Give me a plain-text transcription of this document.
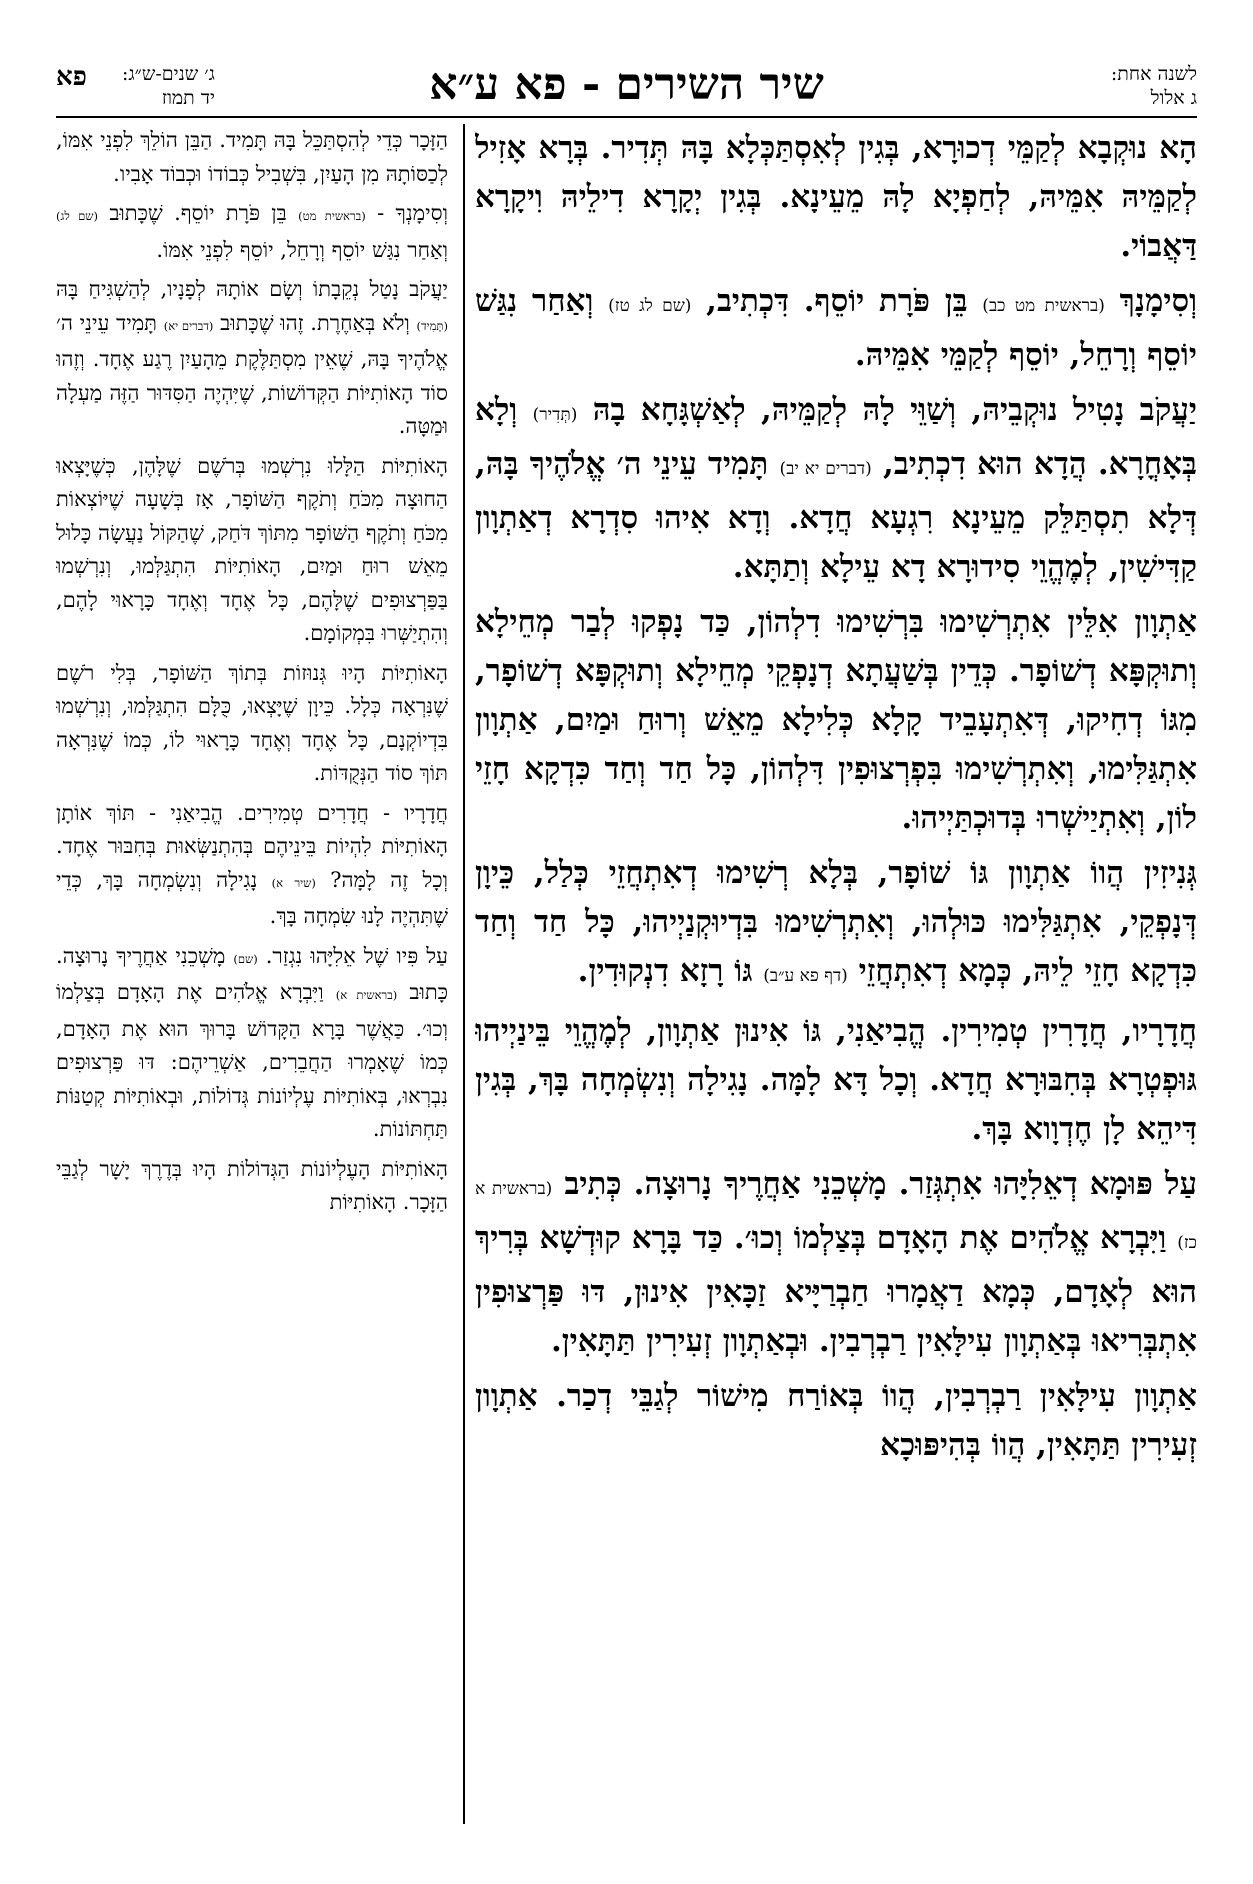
לשנה אחת:
ג אלול
שיר השירים - פא ע״א
ג׳ שנים-ש״ג:
יד תמוז
פא

הָא נוּקְבָא לְקַמֵּי דְכוּרָא, בְּגִין לְאִסְתַּכְּלָא בָּהּ תְּדִיר. בְּרָא אָזִיל לְקַמֵּיהּ אִמֵּיהּ, לְחַפְיָא לָהּ מֵעֵינָא. בְּגִין יְקָרָא דִילֵיהּ וִיקָרָא דַּאֲבוֹי.

וְסִימָנָךְ (בראשית מט כב) בֵּן פֹּרָת יוֹסֵף. דִּכְתִיב, (שם לג טז) וְאַחַר נִגַּשׁ יוֹסֵף וְרָחֵל, יוֹסֵף לְקַמֵּי אִמֵּיהּ.

יַעֲקֹב נָטִיל נוּקְבֵיהּ, וְשַׁוֵּי לָהּ לְקַמֵּיהּ, לְאַשְׁגָּחָא בָהּ (תְּדִיר) וְלָא בְּאָחֳרָא. הֲדָא הוּא דִכְתִיב, (דברים יא יב) תָּמִיד עֵינֵי ה׳ אֱלֹהֶיךָ בָּהּ, דְּלָא תִסְתַּלֵּק מֵעֵינָא רִגְעָא חֲדָא. וְדָא אִיהוּ סִדְרָא דְאַתְוָון קַדִּישִׁין, לְמֶהֱוֵי סִידוּרָא דָא עֵילָא וְתַתָּא.

אַתְוָון אִלֵּין אִתְרְשִׁימוּ בִּרְשִׁימוּ דִלְהוֹן, כַּד נָפְקוּ לְבַר מְחֵילָא וְתוּקְפָּא דְשׁוֹפָר. כְּדֵין בְּשַׁעֲתָא דְנָפְקֵי מְחֵילָא וְתוּקְפָּא דְשׁוֹפָר, מִגּוֹ דְחִיקוּ, דְּאִתְעָבֵיד קָלָא כְּלִילָא מֵאֵשׁ וְרוּחַ וּמַיִם, אַתְוָון אִתְגַּלִּימוּ, וְאִתְרְשִׁימוּ בִּפְרְצוּפִין דִּלְהוֹן, כָּל חַד וְחַד כִּדְקָא חָזֵי לוֹן, וְאִתְיַישְׁרוּ בְּדוּכְתַּיְיהוּ.

גְּנִיזִין הֲווֹ אַתְוָון גּוֹ שׁוֹפָר, בְּלָא רְשִׁימוּ דְאִתְחֲזֵי כְּלַל, כֵּיוָן דְּנָפְקֵי, אִתְגַּלִּימוּ כּוּלְהוּ, וְאִתְרְשִׁימוּ בִּדְיוּקְנַיְיהוּ, כָּל חַד וְחַד כִּדְקָא חָזֵי לֵיהּ, כְּמָא דְאִתְחֲזֵי (דף פא ע״ב) גּוֹ רָזָא דִנְקוּדִין.

חֲדָרָיו, חֲדָרִין טְמִירִין. הֱבִיאַנִי, גּוֹ אִינוּן אַתְוָון, לְמֶהֱוֵי בֵּינַיְיהוּ גּוּפְטְרָא בְּחִבּוּרָא חֲדָא. וְכָל דָּא לָמָּה. נָגִילָה וְנִשְׂמְחָה בָּךְ, בְּגִין דִּיהֵא לָן חֶדְוָוא בָּךְ.

עַל פּוּמָא דְאֵלִיָּהוּ אִתְגְּזַר. מָשְׁכֵנִי אַחֲרֶיךָ נָרוּצָה. כְּתִיב (בראשית א כז) וַיִּבְרָא אֱלֹהִים אֶת הָאָדָם בְּצַלְמוֹ וְכוּ׳. כַּד בָּרָא קוּדְשָׁא בְּרִיךְ הוּא לְאָדָם, כְּמָא דַאֲמָרוּ חַבְרַיָּיא זַכָּאִין אִינוּן, דּוּ פַּרְצוּפִין אִתְבְּרִיאוּ בְּאַתְוָון עִילָּאִין רַבְרְבִין. וּבְאַתְוָון זְעִירִין תַּתָּאִין.

אַתְוָון עִילָּאִין רַבְרְבִין, הֲווֹ בְּאוֹרַח מִישׁוֹר לְגַבֵּי דְכַר. אַתְוָון זְעִירִין תַּתָּאִין, הֲווֹ בְּהִיפּוּכָא

הַזָּכָר כְּדֵי לְהִסְתַּכֵּל בָּהּ תָּמִיד. הַבֵּן הוֹלֵךְ לִפְנֵי אִמּוֹ, לְכַסּוֹתָהּ מִן הָעַיִן, בִּשְׁבִיל כְּבוֹדוֹ וּכְבוֹד אָבִיו.

וְסִימָנְךָ - (בראשית מט) בֵּן פֹּרָת יוֹסֵף. שֶׁכָּתוּב (שם לג) וְאַחַר נִגַּשׁ יוֹסֵף וְרָחֵל, יוֹסֵף לִפְנֵי אִמּוֹ.

יַעֲקֹב נָטַל נְקֵבָתוֹ וְשָׂם אוֹתָהּ לְפָנָיו, לְהַשְׁגִּיחַ בָּהּ (תָּמִיד) וְלֹא בְּאַחֶרֶת. זֶהוּ שֶׁכָּתוּב (דברים יא) תָּמִיד עֵינֵי ה׳ אֱלֹהֶיךָ בָּהּ, שֶׁאֵין מִסְתַּלֶּקֶת מֵהָעַיִן רֶגַע אֶחָד. וְזֶהוּ סוֹד הָאוֹתִיּוֹת הַקְּדוֹשׁוֹת, שֶׁיִּהְיֶה הַסִּדּוּר הַזֶּה מַעְלָה וּמַטָּה.

הָאוֹתִיּוֹת הַלָּלוּ נִרְשְׁמוּ בְּרֹשֶׁם שֶׁלָּהֶן, כְּשֶׁיָּצְאוּ הַחוּצָה מִכֹּחַ וְתֹקֶף הַשּׁוֹפָר, אָז בְּשָׁעָה שֶׁיּוֹצְאוֹת מִכֹּחַ וְתֹקֶף הַשּׁוֹפָר מִתּוֹךְ דֹּחַק, שֶׁהַקּוֹל נַעֲשָׂה כָּלוּל מֵאֵשׁ רוּחַ וּמַיִם, הָאוֹתִיּוֹת הִתְגַּלְּמוּ, וְנִרְשְׁמוּ בַּפַּרְצוּפִים שֶׁלָּהֶם, כָּל אֶחָד וְאֶחָד כָּרָאוּי לָהֶם, וְהִתְיַשְּׁרוּ בִּמְקוֹמָם.

הָאוֹתִיּוֹת הָיוּ גְּנוּזוֹת בְּתוֹךְ הַשּׁוֹפָר, בְּלִי רֹשֶׁם שֶׁנִּרְאָה כְּלָל. כֵּיוָן שֶׁיָּצְאוּ, כֻּלָּם הִתְגַּלְּמוּ, וְנִרְשְׁמוּ בִּדְיוֹקְנָם, כָּל אֶחָד וְאֶחָד כָּרָאוּי לוֹ, כְּמוֹ שֶׁנִּרְאָה תּוֹךְ סוֹד הַנְּקֻדּוֹת.

חֲדָרָיו - חֲדָרִים טְמִירִים. הֱבִיאַנִי - תּוֹךְ אוֹתָן הָאוֹתִיּוֹת לִהְיוֹת בֵּינֵיהֶם בְּהִתְנַשְּׂאוּת בְּחִבּוּר אֶחָד. וְכָל זֶה לָמָּה? (שיר א) נָגִילָה וְנִשְׂמְחָה בָּךְ, כְּדֵי שֶׁתִּהְיֶה לָנוּ שִׂמְחָה בָּךְ.

עַל פִּיו שֶׁל אֵלִיָּהוּ נִגְזַר. (שם) מָשְׁכֵנִי אַחֲרֶיךָ נָרוּצָה. כָּתוּב (בראשית א) וַיִּבְרָא אֱלֹהִים אֶת הָאָדָם בְּצַלְמוֹ וְכוּ׳. כַּאֲשֶׁר בָּרָא הַקָּדוֹשׁ בָּרוּךְ הוּא אֶת הָאָדָם, כְּמוֹ שֶׁאָמְרוּ הַחֲבֵרִים, אַשְׁרֵיהֶם: דּוּ פַּרְצוּפִים נִבְרְאוּ, בְּאוֹתִיּוֹת עֶלְיוֹנוֹת גְּדוֹלוֹת, וּבְאוֹתִיּוֹת קְטַנּוֹת תַּחְתּוֹנוֹת.

הָאוֹתִיּוֹת הָעֶלְיוֹנוֹת הַגְּדוֹלוֹת הָיוּ בְּדֶרֶךְ יָשָׁר לְגַבֵּי הַזָּכָר. הָאוֹתִיּוֹת
